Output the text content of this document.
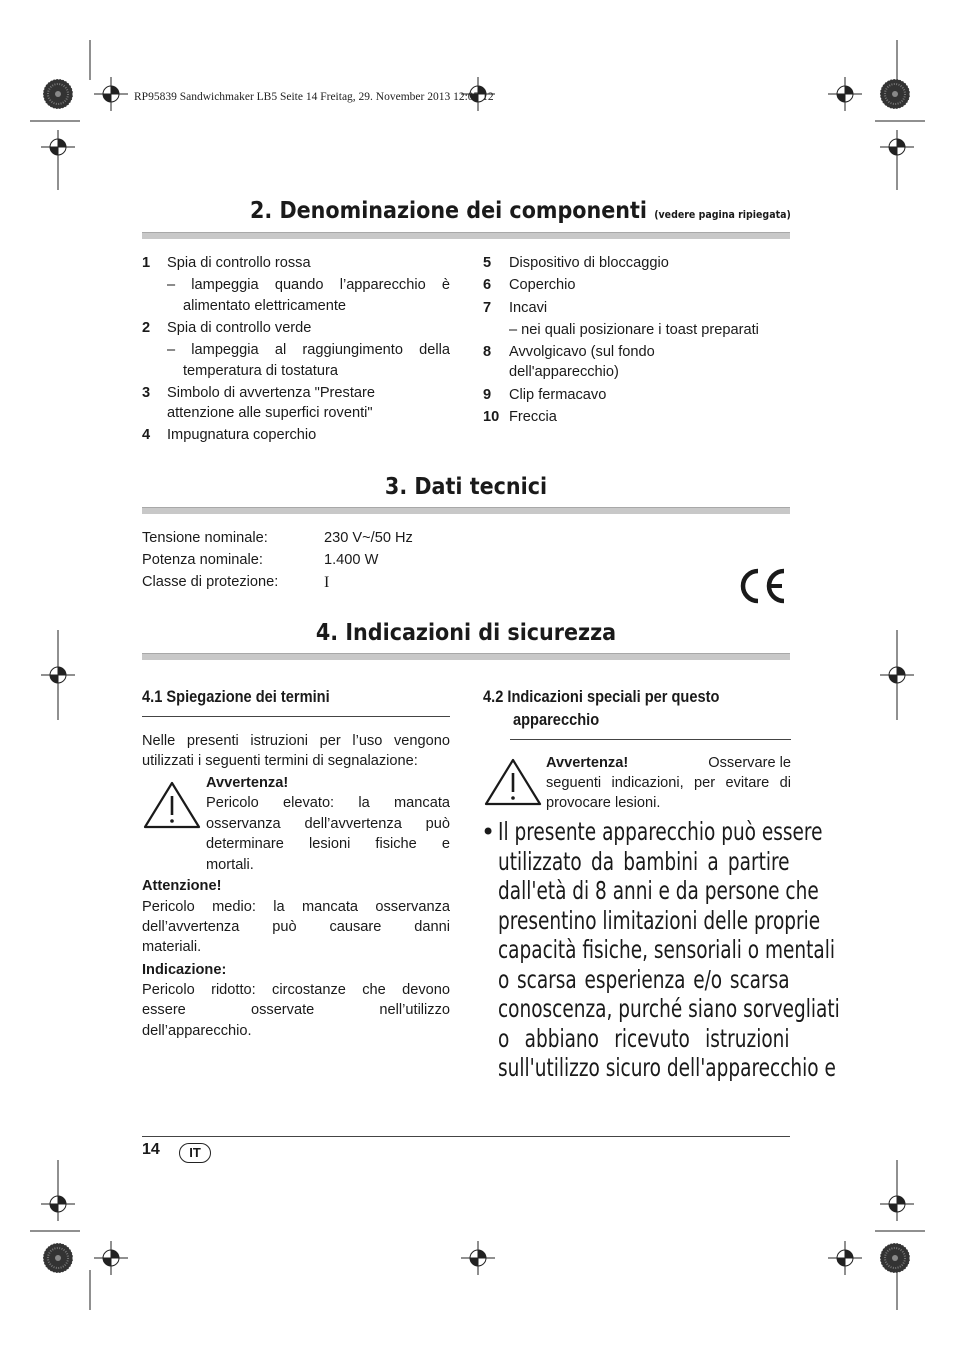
RP95839 Sandwichmaker LB5 Seite 14 Freitag, 29. November 2013 12:07 12
2. Denominazione dei componenti (vedere pagina ripiegata)
1 Spia di controllo rossa
– lampeggia quando l’apparecchio è
alimentato elettricamente
2 Spia di controllo verde
– lampeggia al raggiungimento della
temperatura di tostatura
3 Simbolo di avvertenza "Prestare
attenzione alle superfici roventi"
4 Impugnatura coperchio
5 Dispositivo di bloccaggio
6 Coperchio
7 Incavi
– nei quali posizionare i toast preparati
8 Avvolgicavo (sul fondo
dell'apparecchio)
9 Clip fermacavo
10 Freccia
3. Dati tecnici
Tensione nominale:	230 V~/50 Hz
Potenza nominale:	1.400 W
Classe di protezione:	I
4. Indicazioni di sicurezza
4.1 Spiegazione dei termini
Nelle presenti istruzioni per l’uso vengono
utilizzati i seguenti termini di segnalazione:
Avvertenza!
Pericolo elevato: la mancata
osservanza dell’avvertenza può
determinare lesioni fisiche e
mortali.
Attenzione!
Pericolo medio: la mancata osservanza
dell’avvertenza può causare danni
materiali.
Indicazione:
Pericolo ridotto: circostanze che devono
essere osservate nell’utilizzo
dell’apparecchio.
4.2 Indicazioni speciali per questo
apparecchio
Avvertenza!	Osservare le
seguenti indicazioni, per evitare di
provocare lesioni.
• Il presente apparecchio può essere
utilizzato da bambini a partire
dall'età di 8 anni e da persone che
presentino limitazioni delle proprie
capacità fisiche, sensoriali o mentali
o scarsa esperienza e/o scarsa
conoscenza, purché siano sorvegliati
o abbiano ricevuto istruzioni
sull'utilizzo sicuro dell'apparecchio e
14	IT
